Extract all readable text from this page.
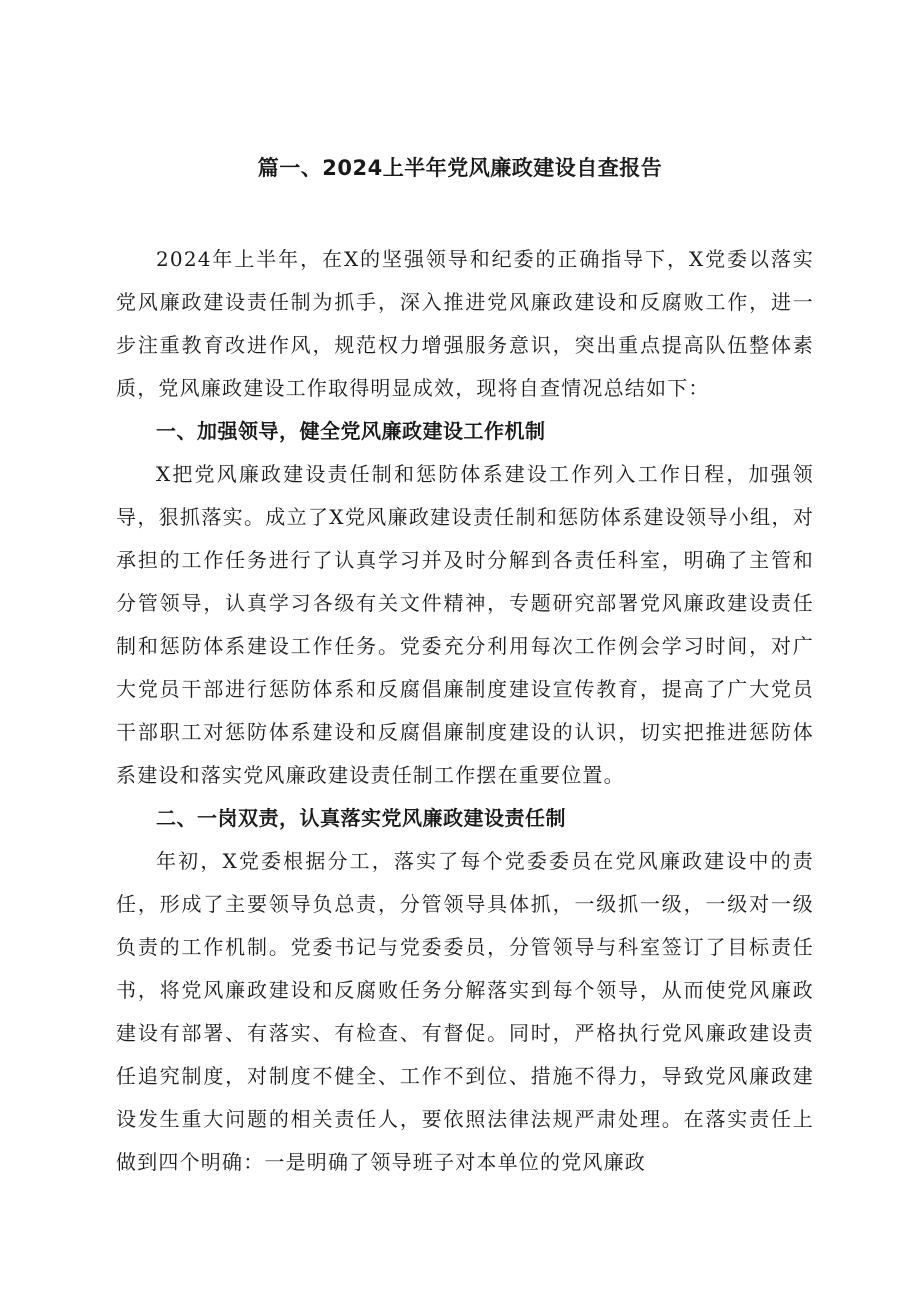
篇一、2024上半年党风廉政建设自查报告

2024年上半年，在X的坚强领导和纪委的正确指导下，X党委以落实党风廉政建设责任制为抓手，深入推进党风廉政建设和反腐败工作，进一步注重教育改进作风，规范权力增强服务意识，突出重点提高队伍整体素质，党风廉政建设工作取得明显成效，现将自查情况总结如下：

一、加强领导，健全党风廉政建设工作机制

X把党风廉政建设责任制和惩防体系建设工作列入工作日程，加强领导，狠抓落实。成立了X党风廉政建设责任制和惩防体系建设领导小组，对承担的工作任务进行了认真学习并及时分解到各责任科室，明确了主管和分管领导，认真学习各级有关文件精神，专题研究部署党风廉政建设责任制和惩防体系建设工作任务。党委充分利用每次工作例会学习时间，对广大党员干部进行惩防体系和反腐倡廉制度建设宣传教育，提高了广大党员干部职工对惩防体系建设和反腐倡廉制度建设的认识，切实把推进惩防体系建设和落实党风廉政建设责任制工作摆在重要位置。

二、一岗双责，认真落实党风廉政建设责任制

年初，X党委根据分工，落实了每个党委委员在党风廉政建设中的责任，形成了主要领导负总责，分管领导具体抓，一级抓一级，一级对一级负责的工作机制。党委书记与党委委员，分管领导与科室签订了目标责任书，将党风廉政建设和反腐败任务分解落实到每个领导，从而使党风廉政建设有部署、有落实、有检查、有督促。同时，严格执行党风廉政建设责任追究制度，对制度不健全、工作不到位、措施不得力，导致党风廉政建设发生重大问题的相关责任人，要依照法律法规严肃处理。在落实责任上做到四个明确：一是明确了领导班子对本单位的党风廉政
